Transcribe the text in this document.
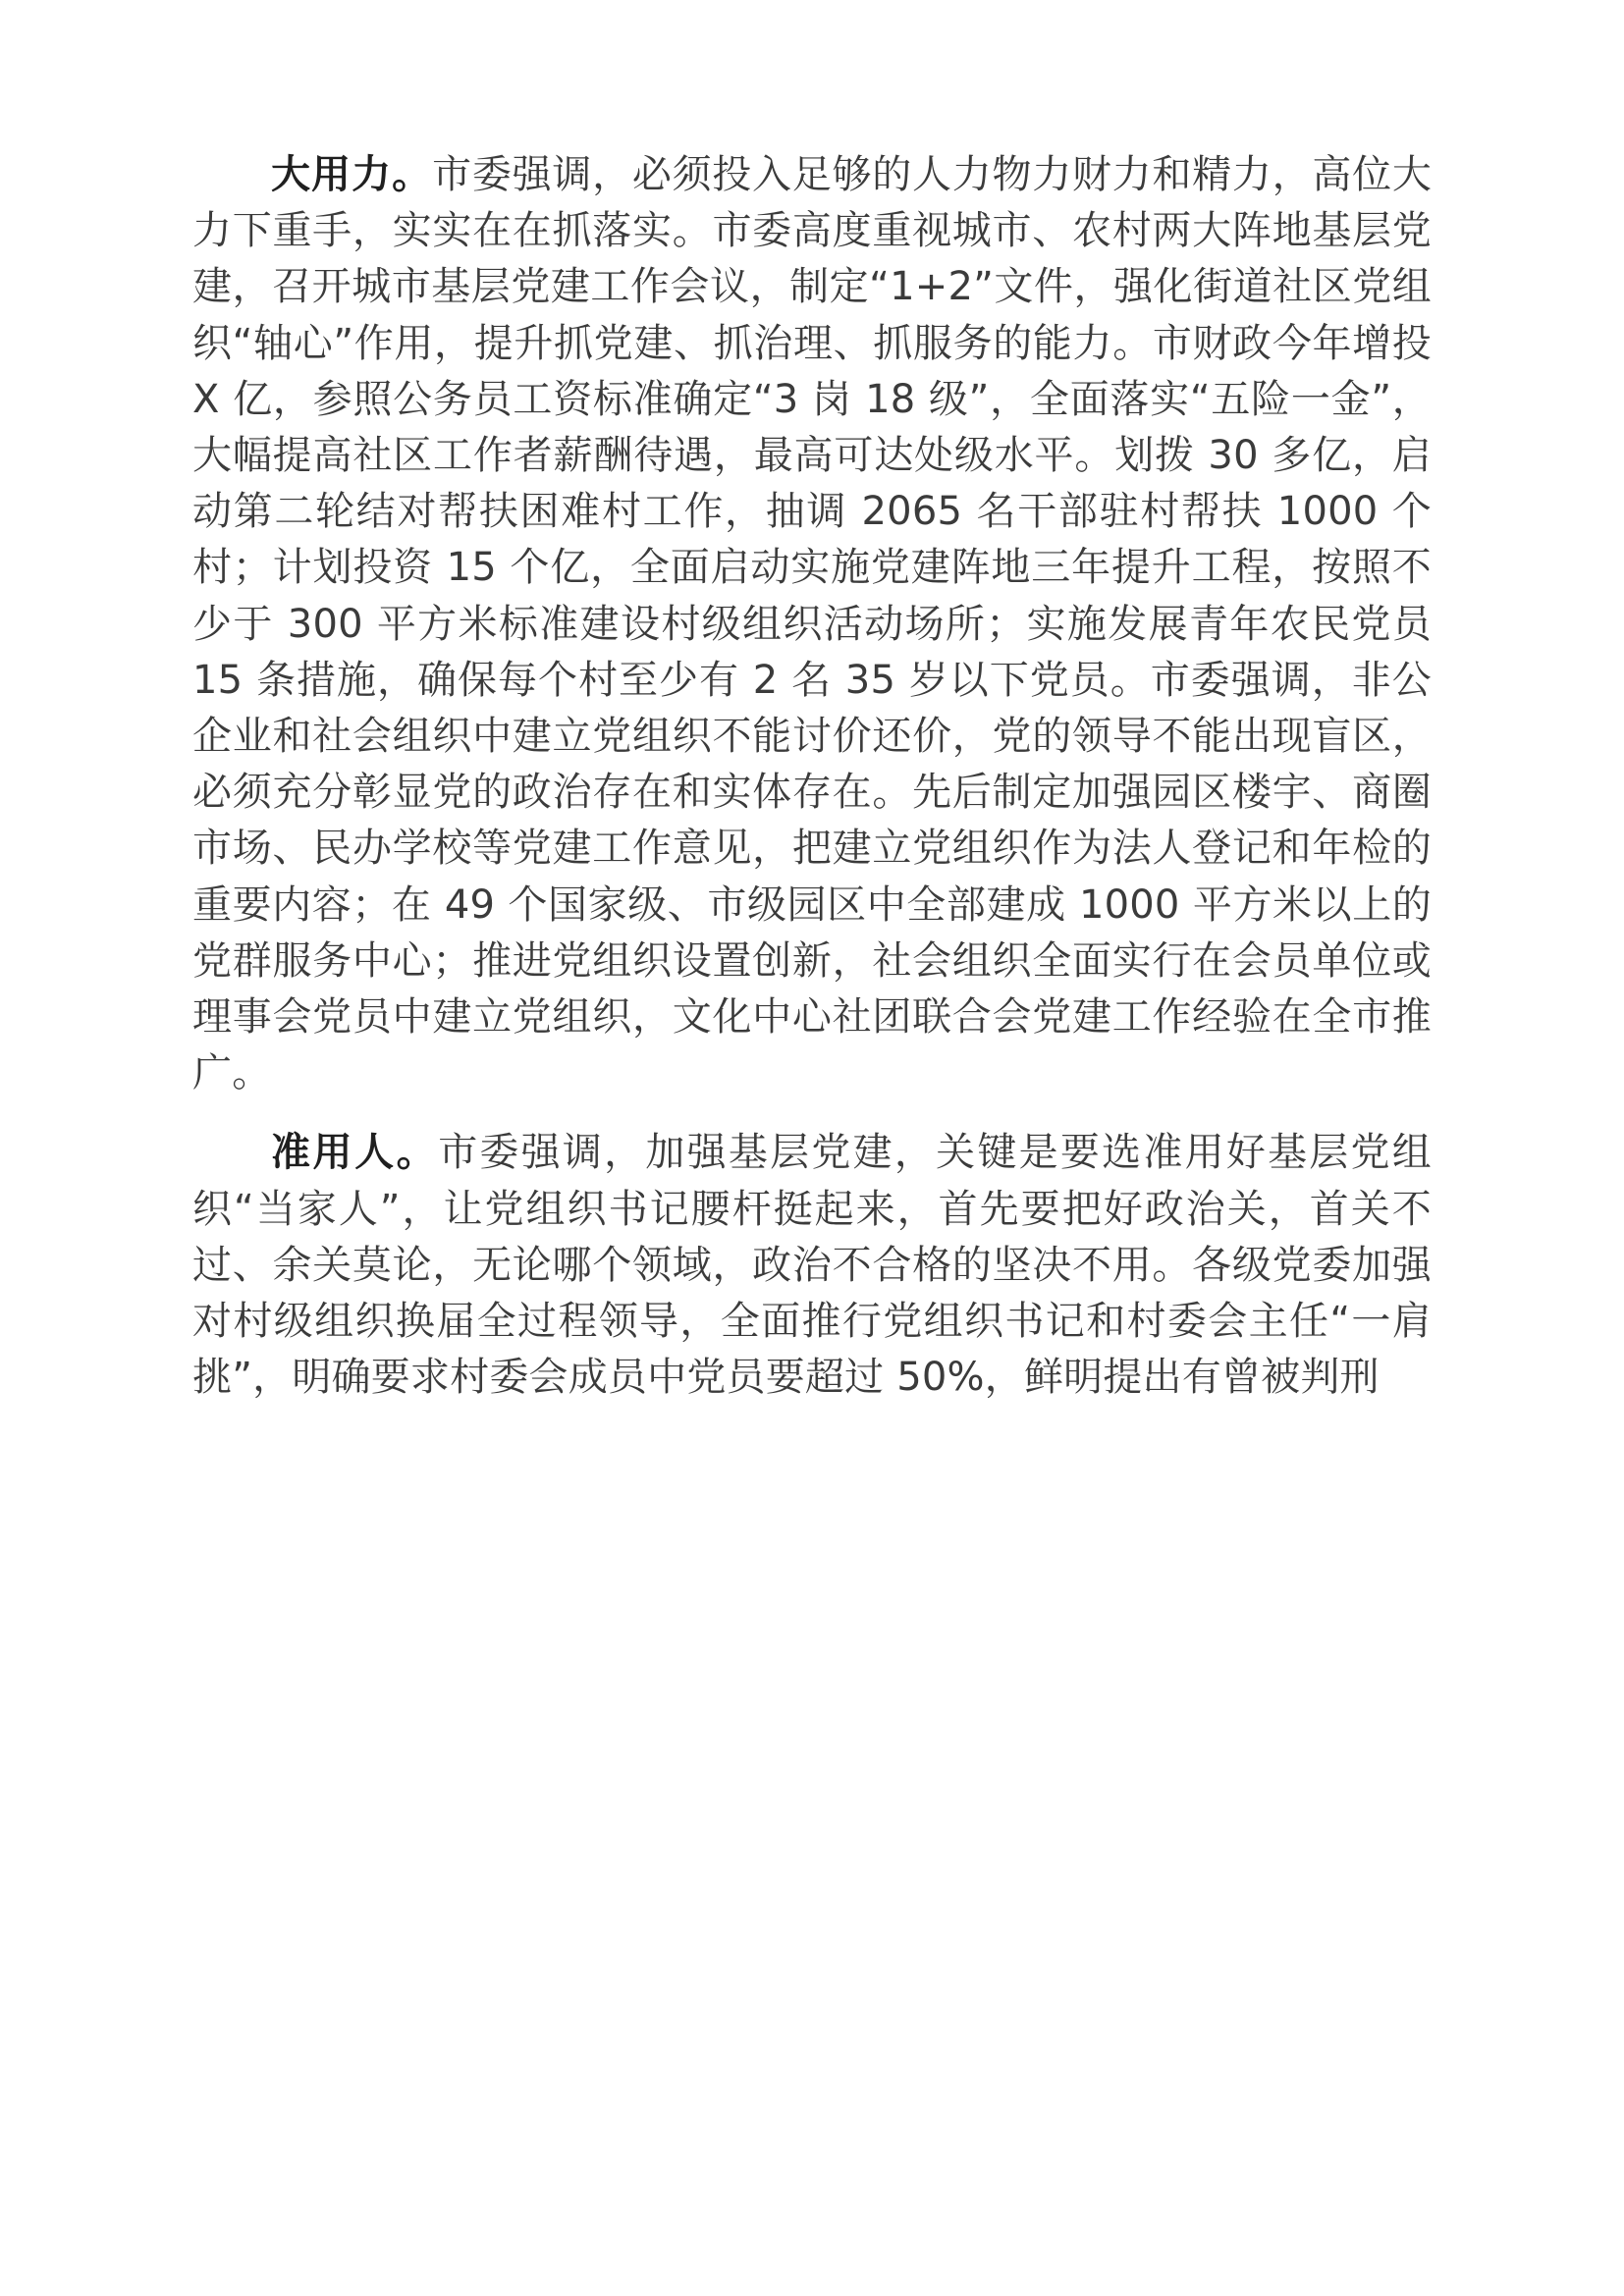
大用力。市委强调，必须投入足够的人力物力财力和精力，高位大力下重手，实实在在抓落实。市委高度重视城市、农村两大阵地基层党建，召开城市基层党建工作会议，制定“1+2”文件，强化街道社区党组织“轴心”作用，提升抓党建、抓治理、抓服务的能力。市财政今年增投 X 亿，参照公务员工资标准确定“3 岗 18 级”，全面落实“五险一金”，大幅提高社区工作者薪酬待遇，最高可达处级水平。划拨 30 多亿，启动第二轮结对帮扶困难村工作，抽调 2065 名干部驻村帮扶 1000 个村；计划投资 15 个亿，全面启动实施党建阵地三年提升工程，按照不少于 300 平方米标准建设村级组织活动场所；实施发展青年农民党员 15 条措施，确保每个村至少有 2 名 35 岁以下党员。市委强调，非公企业和社会组织中建立党组织不能讨价还价，党的领导不能出现盲区，必须充分彰显党的政治存在和实体存在。先后制定加强园区楼宇、商圈市场、民办学校等党建工作意见，把建立党组织作为法人登记和年检的重要内容；在 49 个国家级、市级园区中全部建成 1000 平方米以上的党群服务中心；推进党组织设置创新，社会组织全面实行在会员单位或理事会党员中建立党组织，文化中心社团联合会党建工作经验在全市推广。

准用人。市委强调，加强基层党建，关键是要选准用好基层党组织“当家人”，让党组织书记腰杆挺起来，首先要把好政治关，首关不过、余关莫论，无论哪个领域，政治不合格的坚决不用。各级党委加强对村级组织换届全过程领导，全面推行党组织书记和村委会主任“一肩挑”，明确要求村委会成员中党员要超过 50%，鲜明提出有曾被判刑
